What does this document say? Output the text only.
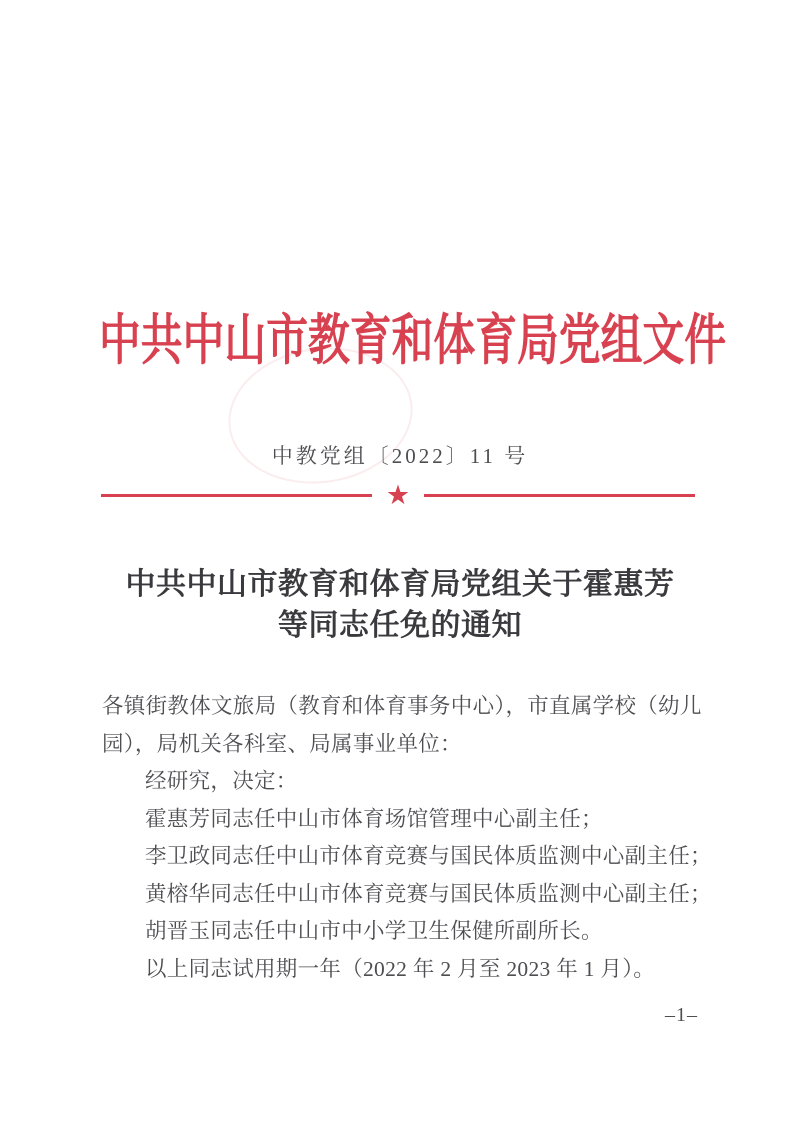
中共中山市教育和体育局党组文件
中教党组〔2022〕11 号
★
中共中山市教育和体育局党组关于霍惠芳
等同志任免的通知
各镇街教体文旅局（教育和体育事务中心），市直属学校（幼儿
园），局机关各科室、局属事业单位：
经研究，决定：
霍惠芳同志任中山市体育场馆管理中心副主任；
李卫政同志任中山市体育竞赛与国民体质监测中心副主任；
黄榕华同志任中山市体育竞赛与国民体质监测中心副主任；
胡晋玉同志任中山市中小学卫生保健所副所长。
以上同志试用期一年（2022 年 2 月至 2023 年 1 月）。
–1–
